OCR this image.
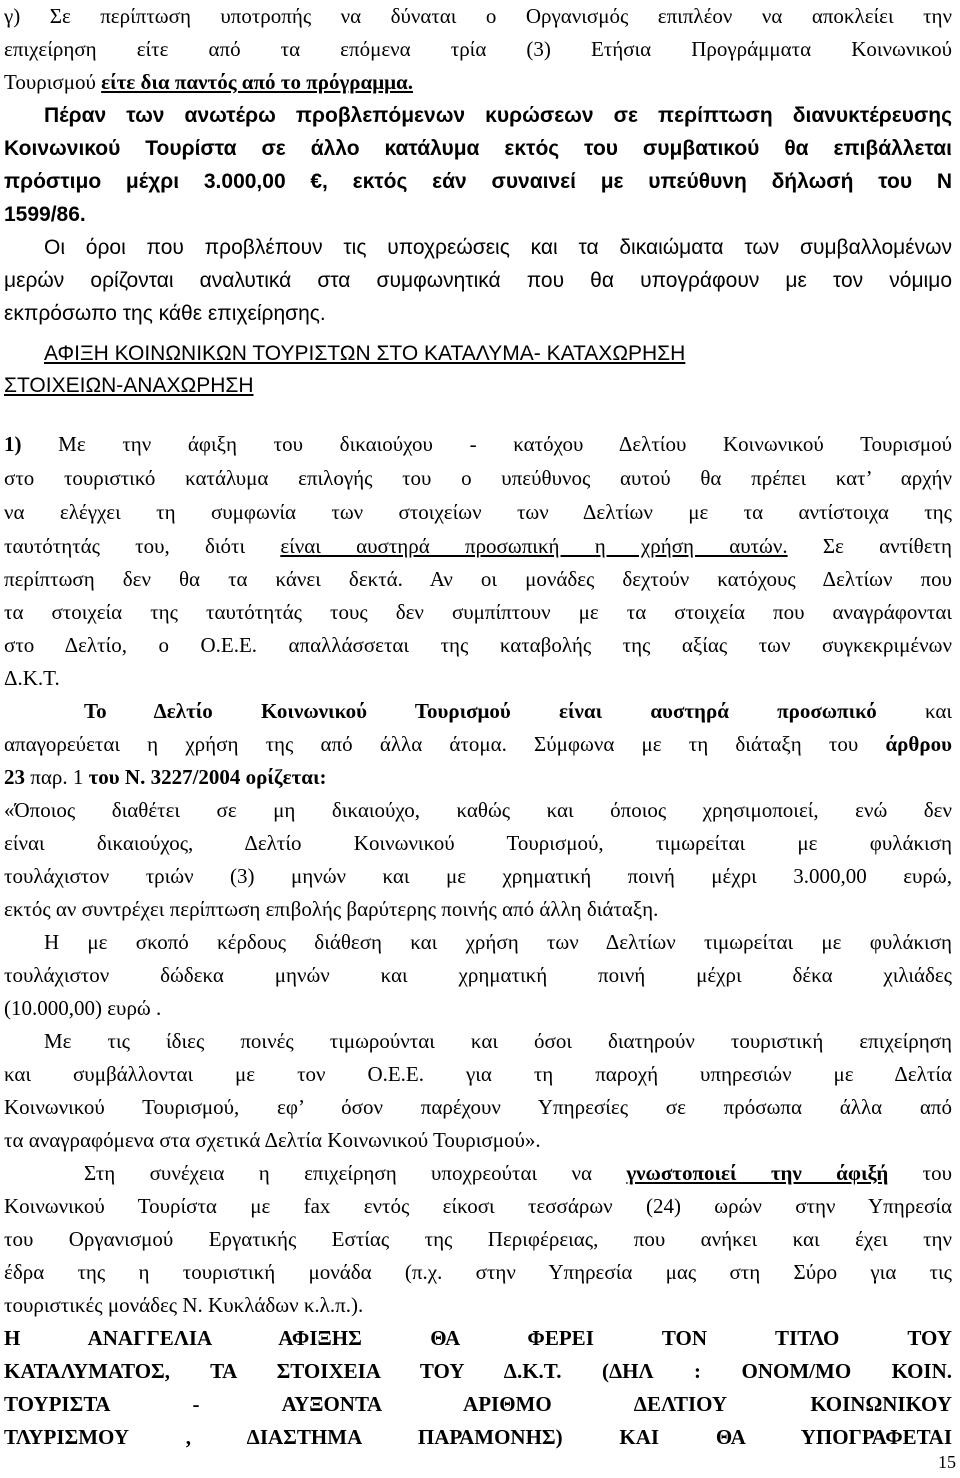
γ) Σε περίπτωση υποτροπής να δύναται ο Οργανισμός επιπλέον να αποκλείει την
επιχείρηση είτε από τα επόμενα τρία (3) Ετήσια Προγράμματα Κοινωνικού
Τουρισμού είτε δια παντός από το πρόγραμμα.
Πέραν των ανωτέρω προβλεπόμενων κυρώσεων σε περίπτωση διανυκτέρευσης
Κοινωνικού Τουρίστα σε άλλο κατάλυμα εκτός του συμβατικού θα επιβάλλεται
πρόστιμο μέχρι 3.000,00 €, εκτός εάν συναινεί με υπεύθυνη δήλωσή του Ν
1599/86.
Οι όροι που προβλέπουν τις υποχρεώσεις και τα δικαιώματα των συμβαλλομένων
μερών ορίζονται αναλυτικά στα συμφωνητικά που θα υπογράφουν με τον νόμιμο
εκπρόσωπο της κάθε επιχείρησης.
ΑΦΙΞΗ ΚΟΙΝΩΝΙΚΩΝ ΤΟΥΡΙΣΤΩΝ ΣΤΟ ΚΑΤΑΛΥΜΑ- ΚΑΤΑΧΩΡΗΣΗ
ΣΤΟΙΧΕΙΩΝ-ΑΝΑΧΩΡΗΣΗ
1) Με την άφιξη του δικαιούχου - κατόχου Δελτίου Κοινωνικού Τουρισμού
στο τουριστικό κατάλυμα επιλογής του ο υπεύθυνος αυτού θα πρέπει κατ’ αρχήν
να ελέγχει τη συμφωνία των στοιχείων των Δελτίων με τα αντίστοιχα της
ταυτότητάς του, διότι είναι αυστηρά προσωπική η χρήση αυτών. Σε αντίθετη
περίπτωση δεν θα τα κάνει δεκτά. Αν οι μονάδες δεχτούν κατόχους Δελτίων που
τα στοιχεία της ταυτότητάς τους δεν συμπίπτουν με τα στοιχεία που αναγράφονται
στο Δελτίο, ο Ο.Ε.Ε. απαλλάσσεται της καταβολής της αξίας των συγκεκριμένων
Δ.Κ.Τ.
Το Δελτίο Κοινωνικού Τουρισμού είναι αυστηρά προσωπικό και
απαγορεύεται η χρήση της από άλλα άτομα. Σύμφωνα με τη διάταξη του άρθρου
23 παρ. 1 του Ν. 3227/2004 ορίζεται:
«Όποιος διαθέτει σε μη δικαιούχο, καθώς και όποιος χρησιμοποιεί, ενώ δεν
είναι δικαιούχος, Δελτίο Κοινωνικού Τουρισμού, τιμωρείται με φυλάκιση
τουλάχιστον τριών (3) μηνών και με χρηματική ποινή μέχρι 3.000,00 ευρώ,
εκτός αν συντρέχει περίπτωση επιβολής βαρύτερης ποινής από άλλη διάταξη.
Η με σκοπό κέρδους διάθεση και χρήση των Δελτίων τιμωρείται με φυλάκιση
τουλάχιστον δώδεκα μηνών και χρηματική ποινή μέχρι δέκα χιλιάδες
(10.000,00) ευρώ .
Με τις ίδιες ποινές τιμωρούνται και όσοι διατηρούν τουριστική επιχείρηση
και συμβάλλονται με τον Ο.Ε.Ε. για τη παροχή υπηρεσιών με Δελτία
Κοινωνικού Τουρισμού, εφ’ όσον παρέχουν Υπηρεσίες σε πρόσωπα άλλα από
τα αναγραφόμενα στα σχετικά Δελτία Κοινωνικού Τουρισμού».
Στη συνέχεια η επιχείρηση υποχρεούται να γνωστοποιεί την άφιξή του
Κοινωνικού Τουρίστα με fax εντός είκοσι τεσσάρων (24) ωρών στην Υπηρεσία
του Οργανισμού Εργατικής Εστίας της Περιφέρειας, που ανήκει και έχει την
έδρα της η τουριστική μονάδα (π.χ. στην Υπηρεσία μας στη Σύρο για τις
τουριστικές μονάδες Ν. Κυκλάδων κ.λ.π.).
Η ΑΝΑΓΓΕΛΙΑ ΑΦΙΞΗΣ ΘΑ ΦΕΡΕΙ ΤΟΝ ΤΙΤΛΟ ΤΟΥ
ΚΑΤΑΛΥΜΑΤΟΣ, ΤΑ ΣΤΟΙΧΕΙΑ ΤΟΥ Δ.Κ.Τ. (ΔΗΛ : ΟΝΟΜ/ΜΟ ΚΟΙΝ.
ΤΟΥΡΙΣΤΑ - ΑΥΞΟΝΤΑ ΑΡΙΘΜΟ ΔΕΛΤΙΟΥ ΚΟΙΝΩΝΙΚΟΥ
ΤΛΥΡΙΣΜΟΥ , ΔΙΑΣΤΗΜΑ ΠΑΡΑΜΟΝΗΣ) ΚΑΙ ΘΑ ΥΠΟΓΡΑΦΕΤΑΙ
15
